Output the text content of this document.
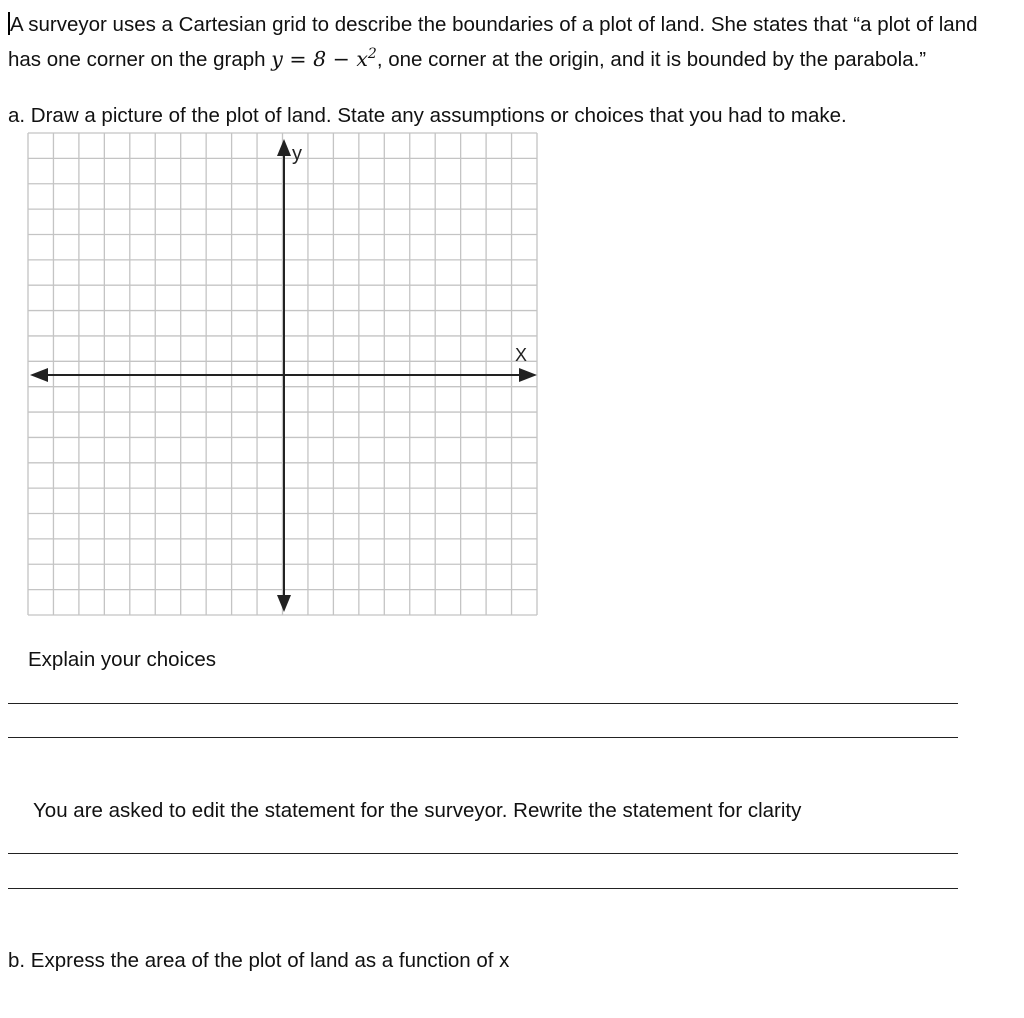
A surveyor uses a Cartesian grid to describe the boundaries of a plot of land. She states that “a plot of land has one corner on the graph $y = 8 - x^2$, one corner at the origin, and it is bounded by the parabola.”

a. Draw a picture of the plot of land. State any assumptions or choices that you had to make.

y
X

Explain your choices

You are asked to edit the statement for the surveyor. Rewrite the statement for clarity

b. Express the area of the plot of land as a function of x
